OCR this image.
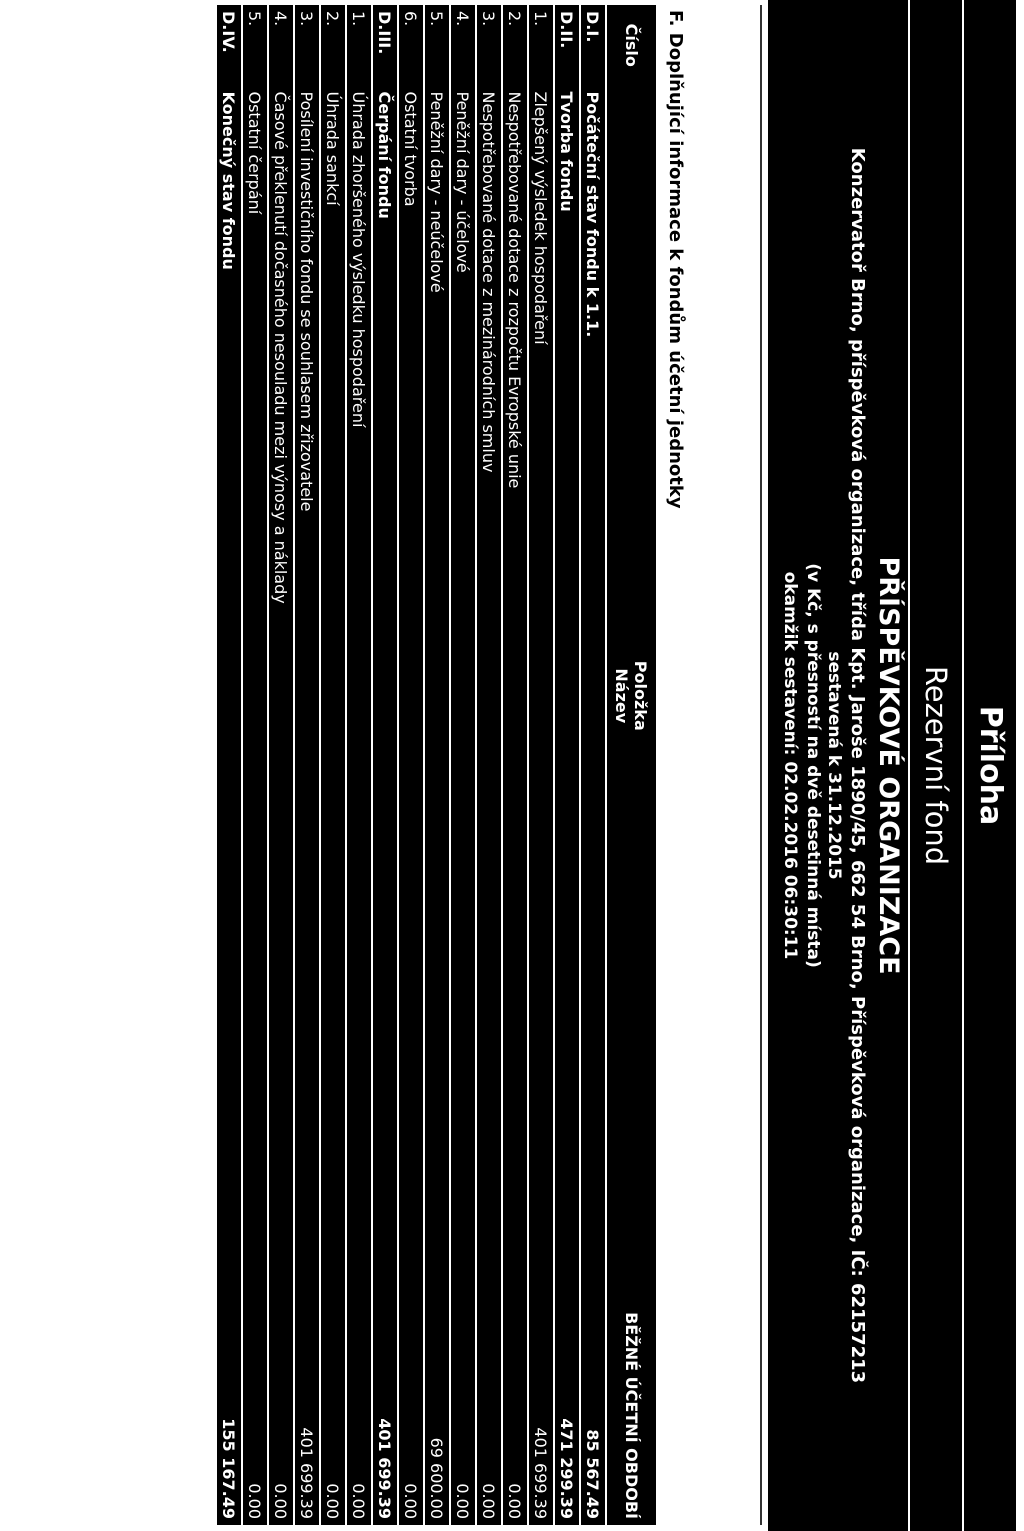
Příloha
Rezervní fond
PŘÍSPĚVKOVÉ ORGANIZACE
Konzervatoř Brno, příspěvková organizace, třída Kpt. Jaroše 1890/45, 662 54 Brno, Příspěvková organizace, IČ: 62157213
sestavená k 31.12.2015
(v Kč, s přesností na dvě desetinná místa)
okamžik sestavení: 02.02.2016 06:30:11
F. Doplňující informace k fondům účetní jednotky
Číslo	Položka
Název	BĚŽNÉ ÚČETNÍ OBDOBÍ
D.I.	Počáteční stav fondu k 1.1.	85 567.49
D.II.	Tvorba fondu	471 299.39
1.	Zlepšený výsledek hospodaření	401 699.39
2.	Nespotřebované dotace z rozpočtu Evropské unie	0.00
3.	Nespotřebované dotace z mezinárodních smluv	0.00
4.	Peněžní dary - účelové	0.00
5.	Peněžní dary - neúčelové	69 600.00
6.	Ostatní tvorba	0.00
D.III.	Čerpání fondu	401 699.39
1.	Úhrada zhoršeného výsledku hospodaření	0.00
2.	Úhrada sankcí	0.00
3.	Posílení investičního fondu se souhlasem zřizovatele	401 699.39
4.	Časové překlenutí dočasného nesouladu mezi výnosy a náklady	0.00
5.	Ostatní čerpání	0.00
D.IV.	Konečný stav fondu	155 167.49
